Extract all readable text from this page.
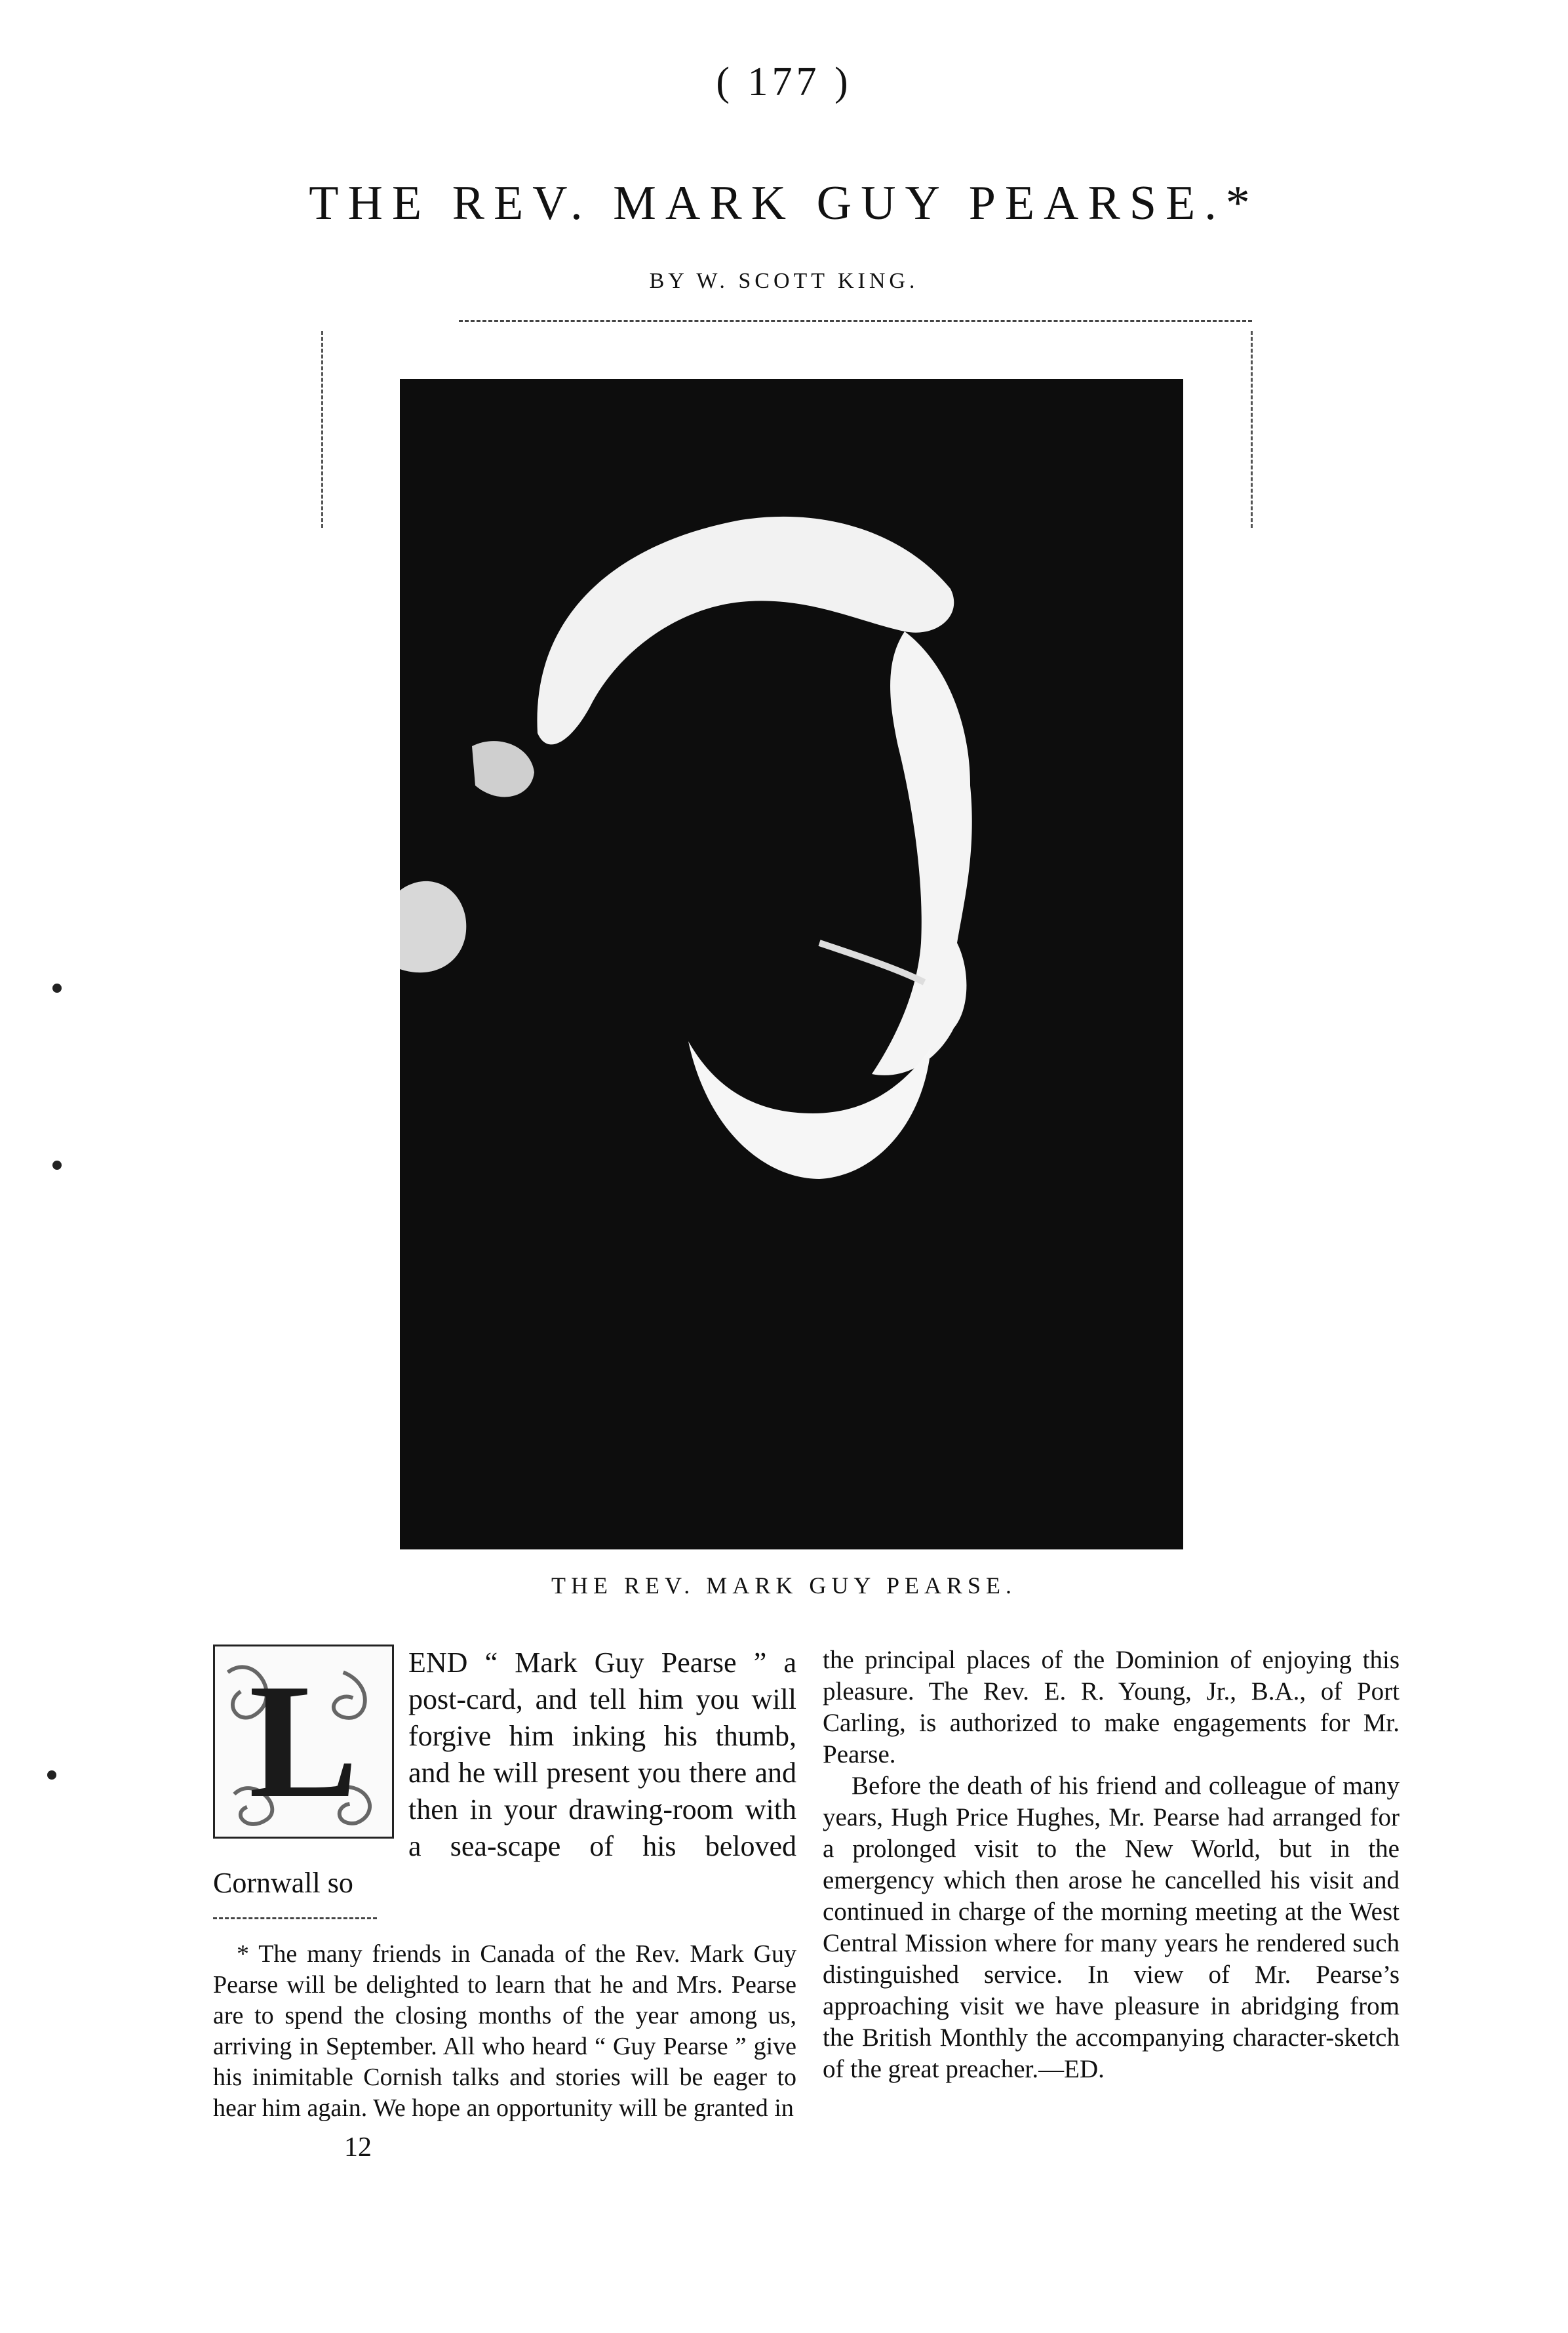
( 177 )
THE REV. MARK GUY PEARSE.*
BY W. SCOTT KING.
THE REV. MARK GUY PEARSE.
L	END “ Mark Guy Pearse ” a post-card, and tell him you will forgive him inking his thumb, and he will present you there and then in your drawing-room with a sea-scape of his beloved Cornwall so

* The many friends in Canada of the Rev. Mark Guy Pearse will be delighted to learn that he and Mrs. Pearse are to spend the closing months of the year among us, arriving in September. All who heard “ Guy Pearse ” give his inimitable Cornish talks and stories will be eager to hear him again. We hope an opportunity will be granted in

12

the principal places of the Dominion of enjoying this pleasure. The Rev. E. R. Young, Jr., B.A., of Port Carling, is authorized to make engagements for Mr. Pearse.

Before the death of his friend and colleague of many years, Hugh Price Hughes, Mr. Pearse had arranged for a prolonged visit to the New World, but in the emergency which then arose he cancelled his visit and continued in charge of the morning meeting at the West Central Mission where for many years he rendered such distinguished service. In view of Mr. Pearse’s approaching visit we have pleasure in abridging from the British Monthly the accompanying character-sketch of the great preacher.—ED.
